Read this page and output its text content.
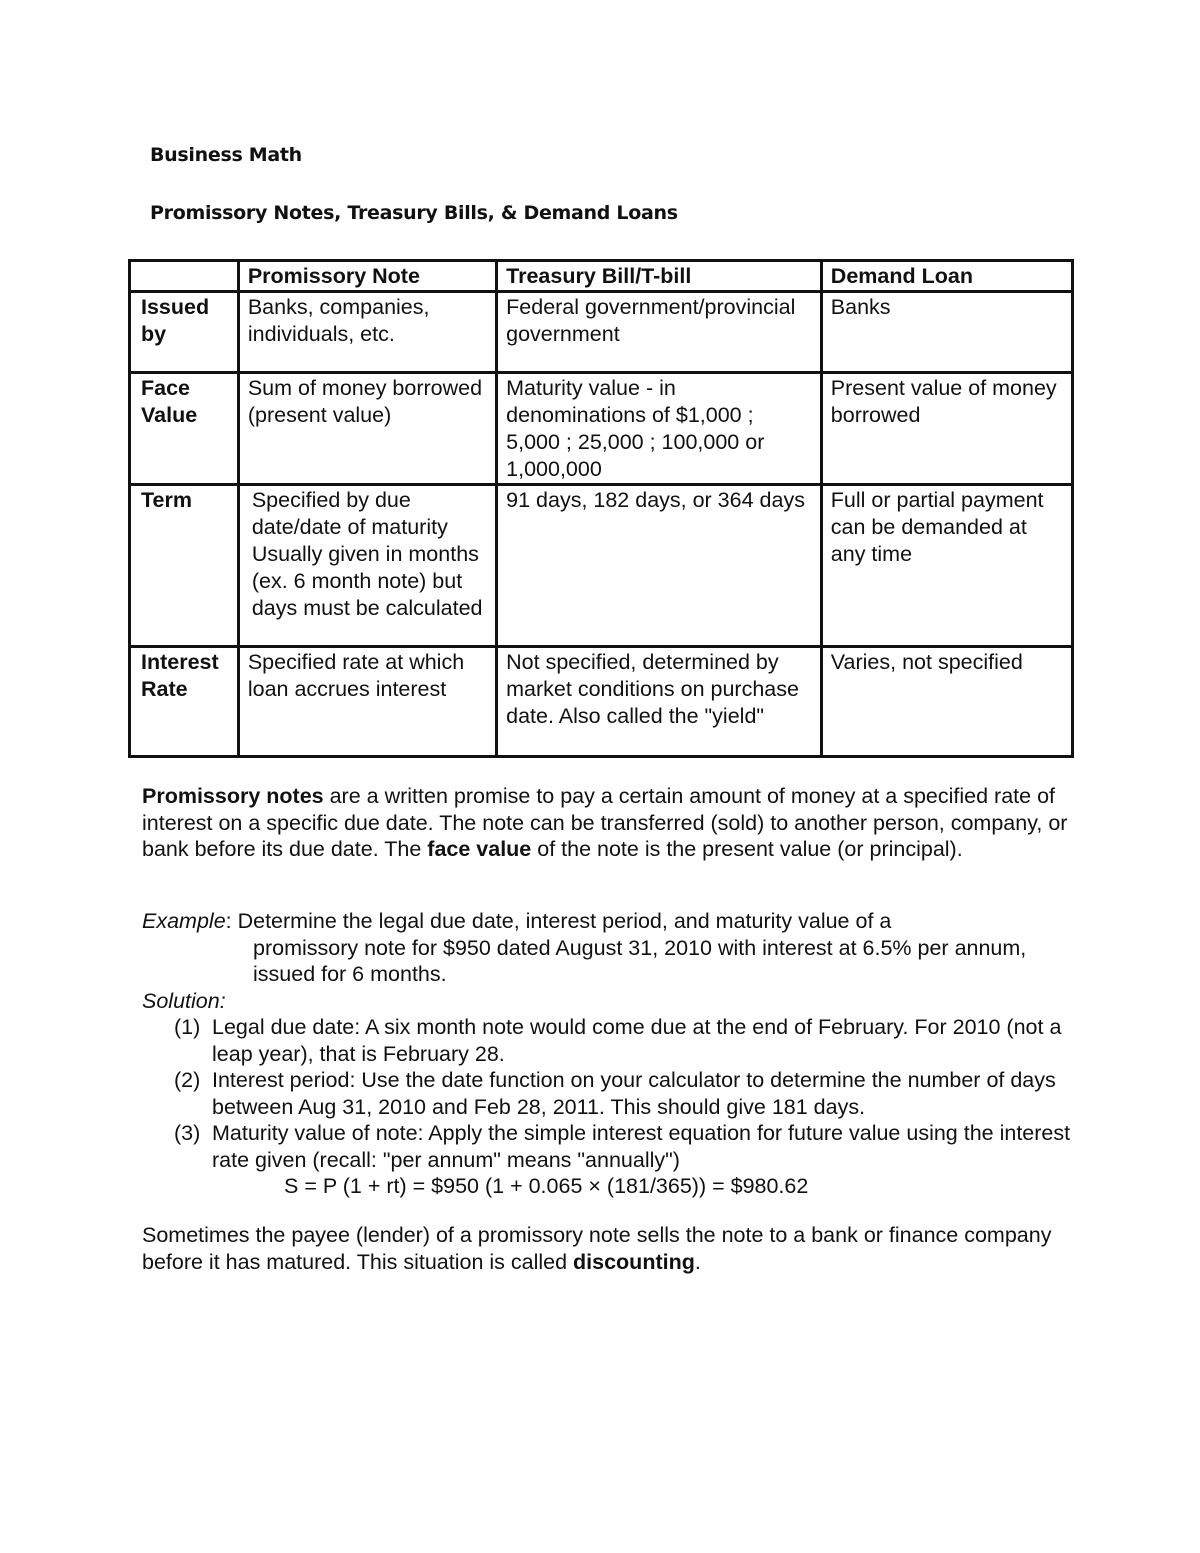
Business Math
Promissory Notes, Treasury Bills, & Demand Loans
	Promissory Note	Treasury Bill/T-bill	Demand Loan
Issued by	Banks, companies, individuals, etc.	Federal government/provincial government	Banks
Face Value	Sum of money borrowed (present value)	Maturity value - in denominations of $1,000 ; 5,000 ; 25,000 ; 100,000 or 1,000,000	Present value of money borrowed
Term	Specified by due date/date of maturity Usually given in months (ex. 6 month note) but days must be calculated	91 days, 182 days, or 364 days	Full or partial payment can be demanded at any time
Interest Rate	Specified rate at which loan accrues interest	Not specified, determined by market conditions on purchase date. Also called the "yield"	Varies, not specified
Promissory notes are a written promise to pay a certain amount of money at a specified rate of interest on a specific due date. The note can be transferred (sold) to another person, company, or bank before its due date. The face value of the note is the present value (or principal).
Example: Determine the legal due date, interest period, and maturity value of a
promissory note for $950 dated August 31, 2010 with interest at 6.5% per annum, issued for 6 months.
Solution:
(1) Legal due date: A six month note would come due at the end of February. For 2010 (not a leap year), that is February 28.
(2) Interest period: Use the date function on your calculator to determine the number of days between Aug 31, 2010 and Feb 28, 2011. This should give 181 days.
(3) Maturity value of note: Apply the simple interest equation for future value using the interest rate given (recall: "per annum" means "annually")
S = P (1 + rt) = $950 (1 + 0.065 × (181/365)) = $980.62
Sometimes the payee (lender) of a promissory note sells the note to a bank or finance company before it has matured. This situation is called discounting.
